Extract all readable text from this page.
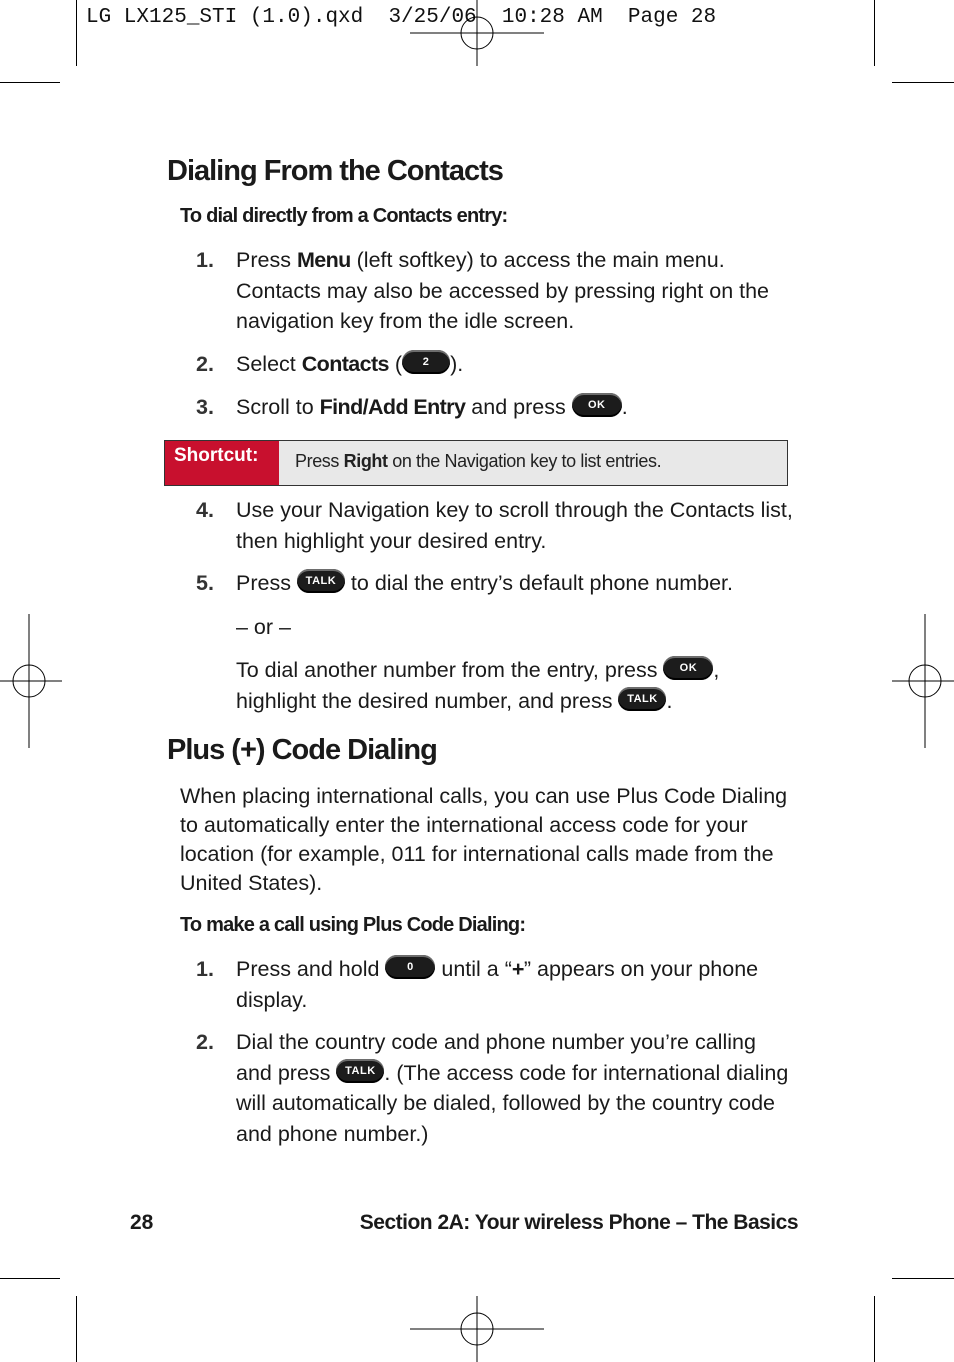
LG LX125_STI (1.0).qxd  3/25/06  10:28 AM  Page 28
Dialing From the Contacts
To dial directly from a Contacts entry:
1. Press Menu (left softkey) to access the main menu. Contacts may also be accessed by pressing right on the navigation key from the idle screen.
2. Select Contacts ( 2 ).
3. Scroll to Find/Add Entry and press OK .
Shortcut:	Press Right on the Navigation key to list entries.
4. Use your Navigation key to scroll through the Contacts list, then highlight your desired entry.
5. Press TALK to dial the entry’s default phone number.
– or –
To dial another number from the entry, press OK , highlight the desired number, and press TALK .
Plus (+) Code Dialing
When placing international calls, you can use Plus Code Dialing to automatically enter the international access code for your location (for example, 011 for international calls made from the United States).
To make a call using Plus Code Dialing:
1. Press and hold 0 until a “+” appears on your phone display.
2. Dial the country code and phone number you’re calling and press TALK . (The access code for international dialing will automatically be dialed, followed by the country code and phone number.)
28	Section 2A: Your wireless Phone – The Basics
